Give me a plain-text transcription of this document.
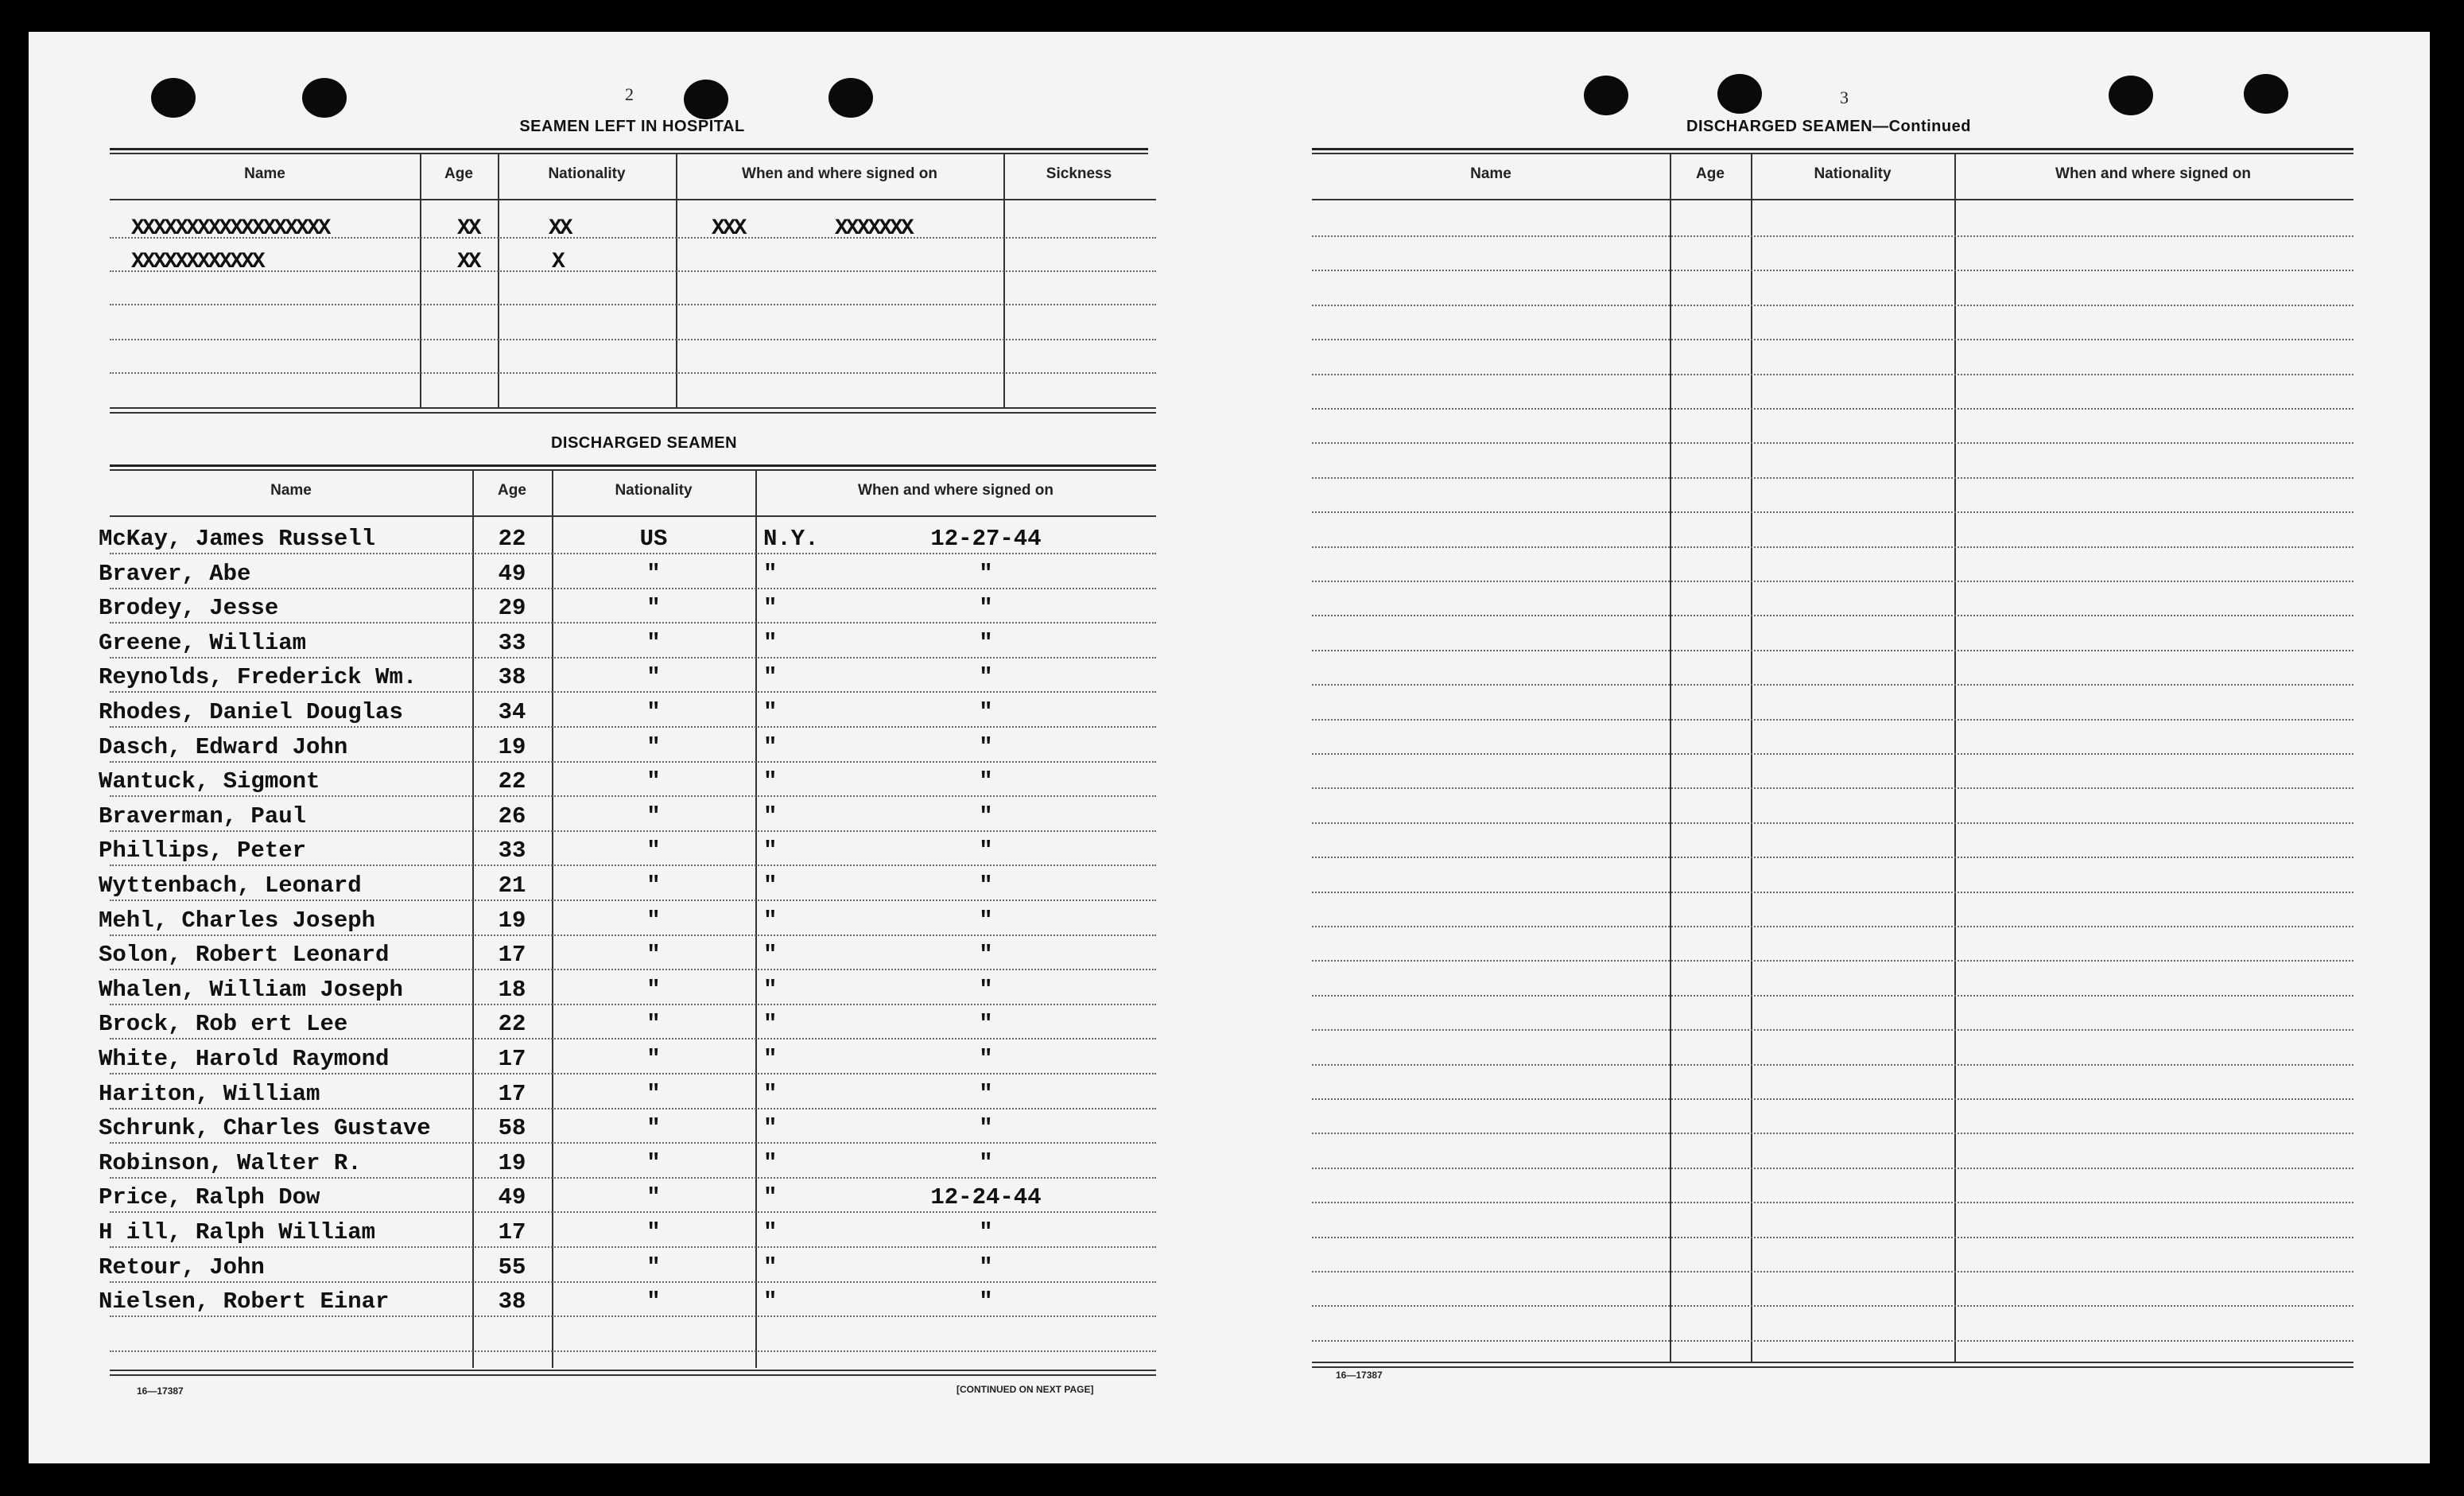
2
SEAMEN LEFT IN HOSPITAL
Name	Age	Nationality	When and where signed on	Sickness
XXXXXXXXXXXXXXXXXX	XX	XX	XXX	XXXXXXX
XXXXXXXXXXXX	XX	X
DISCHARGED SEAMEN
Name	Age	Nationality	When and where signed on
McKay, James Russell	22	US	N.Y.	12-27-44
Braver, Abe	49	"	"	"
Brodey, Jesse	29	"	"	"
Greene, William	33	"	"	"
Reynolds, Frederick Wm.	38	"	"	"
Rhodes, Daniel Douglas	34	"	"	"
Dasch, Edward John	19	"	"	"
Wantuck, Sigmont	22	"	"	"
Braverman, Paul	26	"	"	"
Phillips, Peter	33	"	"	"
Wyttenbach, Leonard	21	"	"	"
Mehl, Charles Joseph	19	"	"	"
Solon, Robert Leonard	17	"	"	"
Whalen, William Joseph	18	"	"	"
Brock, Rob ert Lee	22	"	"	"
White, Harold Raymond	17	"	"	"
Hariton, William	17	"	"	"
Schrunk, Charles Gustave	58	"	"	"
Robinson, Walter R.	19	"	"	"
Price, Ralph Dow	49	"	"	12-24-44
H ill, Ralph William	17	"	"	"
Retour, John	55	"	"	"
Nielsen, Robert Einar	38	"	"	"
16—17387	[CONTINUED ON NEXT PAGE]
3
DISCHARGED SEAMEN—Continued
Name	Age	Nationality	When and where signed on
16—17387
